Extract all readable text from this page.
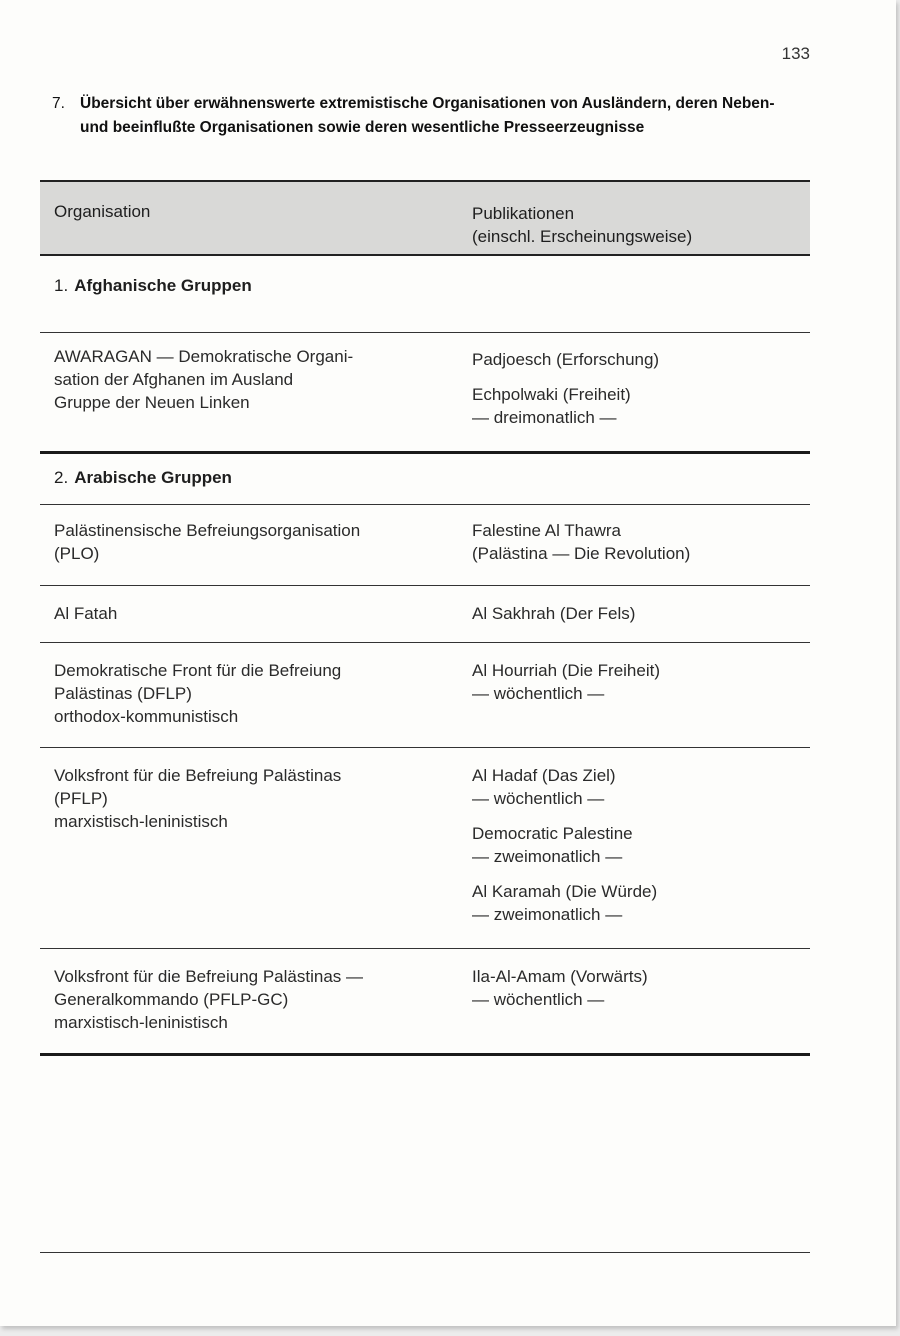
133
7. Übersicht über erwähnenswerte extremistische Organisationen von Ausländern, deren Neben- und beeinflußte Organisationen sowie deren wesentliche Presseerzeugnisse
Organisation	Publikationen
(einschl. Erscheinungsweise)
1. Afghanische Gruppen
AWARAGAN — Demokratische Organi-
sation der Afghanen im Ausland
Gruppe der Neuen Linken
Padjoesch (Erforschung)
Echpolwaki (Freiheit)
— dreimonatlich —
2. Arabische Gruppen
Palästinensische Befreiungsorganisation
(PLO)
Falestine Al Thawra
(Palästina — Die Revolution)
Al Fatah	Al Sakhrah (Der Fels)
Demokratische Front für die Befreiung
Palästinas (DFLP)
orthodox-kommunistisch
Al Hourriah (Die Freiheit)
— wöchentlich —
Volksfront für die Befreiung Palästinas
(PFLP)
marxistisch-leninistisch
Al Hadaf (Das Ziel)
— wöchentlich —
Democratic Palestine
— zweimonatlich —
Al Karamah (Die Würde)
— zweimonatlich —
Volksfront für die Befreiung Palästinas —
Generalkommando (PFLP-GC)
marxistisch-leninistisch
Ila-Al-Amam (Vorwärts)
— wöchentlich —
